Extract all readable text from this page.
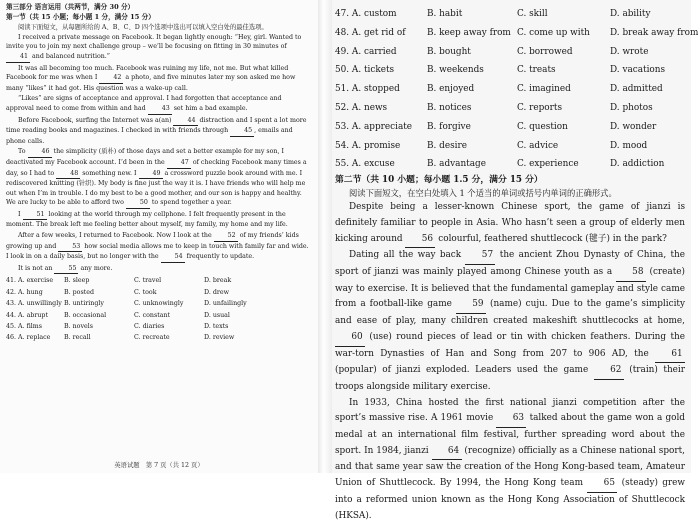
第三部分 语言运用（共两节，满分 30 分）
第一节（共 15 小题；每小题 1 分，满分 15 分）

阅读下面短文，从每题所给的 A、B、C、D 四个选项中选出可以填入空白处的最佳选项。

I received a private message on Facebook. It began lightly enough: “Hey, girl. Wanted to invite you to join my next challenge group – we’ll be focusing on fitting in 30 minutes of 41 and balanced nutrition.”

It was all becoming too much. Facebook was ruining my life, not me. But what killed Facebook for me was when I 42 a photo, and five minutes later my son asked me how many “likes” it had got. His question was a wake-up call.

“Likes” are signs of acceptance and approval. I had forgotten that acceptance and approval need to come from within and had 43 set him a bad example.

Before Facebook, surfing the Internet was a(an) 44 distraction and I spent a lot more time reading books and magazines. I checked in with friends through 45 , emails and phone calls.

To 46 the simplicity (质朴) of those days and set a better example for my son, I deactivated my Facebook account. I’d been in the 47 of checking Facebook many times a day, so I had to 48 something new. I 49 a crossword puzzle book around with me. I rediscovered knitting (针织). My body is fine just the way it is. I have friends who will help me out when I’m in trouble. I do my best to be a good mother, and our son is happy and healthy. We are lucky to be able to afford two 50 to spend together a year.

I 51 looking at the world through my cellphone. I felt frequently present in the moment. The break left me feeling better about myself, my family, my home and my life.

After a few weeks, I returned to Facebook. Now I look at the 52 of my friends’ kids growing up and 53 how social media allows me to keep in touch with family far and wide. I look in on a daily basis, but no longer with the 54 frequently to update.

It is not an 55 any more.

41. A. exercise	B. sleep	C. travel	D. break
42. A. hung	B. posted	C. took	D. drew
43. A. unwillingly B. untiringly	C. unknowingly	D. unfailingly
44. A. abrupt	B. occasional	C. constant	D. usual
45. A. films	B. novels	C. diaries	D. texts
46. A. replace	B. recall	C. recreate	D. review
英语试题　第 7 页（共 12 页）
47. A. custom	B. habit	C. skill	D. ability
48. A. get rid of	B. keep away from C. come up with	D. break away from
49. A. carried	B. bought	C. borrowed	D. wrote
50. A. tickets	B. weekends	C. treats	D. vacations
51. A. stopped	B. enjoyed	C. imagined	D. admitted
52. A. news	B. notices	C. reports	D. photos
53. A. appreciate	B. forgive	C. question	D. wonder
54. A. promise	B. desire	C. advice	D. mood
55. A. excuse	B. advantage	C. experience	D. addiction
第二节（共 10 小题；每小题 1.5 分，满分 15 分）

阅读下面短文，在空白处填入 1 个适当的单词或括号内单词的正确形式。

Despite being a lesser-known Chinese sport, the game of jianzi is definitely familiar to people in Asia. Who hasn’t seen a group of elderly men kicking around 56 colourful, feathered shuttlecock (毽子) in the park?

Dating all the way back 57 the ancient Zhou Dynasty of China, the sport of jianzi was mainly played among Chinese youth as a 58 (create) way to exercise. It is believed that the fundamental gameplay and style came from a football-like game 59 (name) cuju. Due to the game’s simplicity and ease of play, many children created makeshift shuttlecocks at home, 60 (use) round pieces of lead or tin with chicken feathers. During the war-torn Dynasties of Han and Song from 207 to 906 AD, the 61 (popular) of jianzi exploded. Leaders used the game 62 (train) their troops alongside military exercise.

In 1933, China hosted the first national jianzi competition after the sport’s massive rise. A 1961 movie 63 talked about the game won a gold medal at an international film festival, further spreading word about the sport. In 1984, jianzi 64 (recognize) officially as a Chinese national sport, and that same year saw the creation of the Hong Kong-based team, Amateur Union of Shuttlecock. By 1994, the Hong Kong team 65 (steady) grew into a reformed union known as the Hong Kong Association of Shuttlecock (HKSA).
